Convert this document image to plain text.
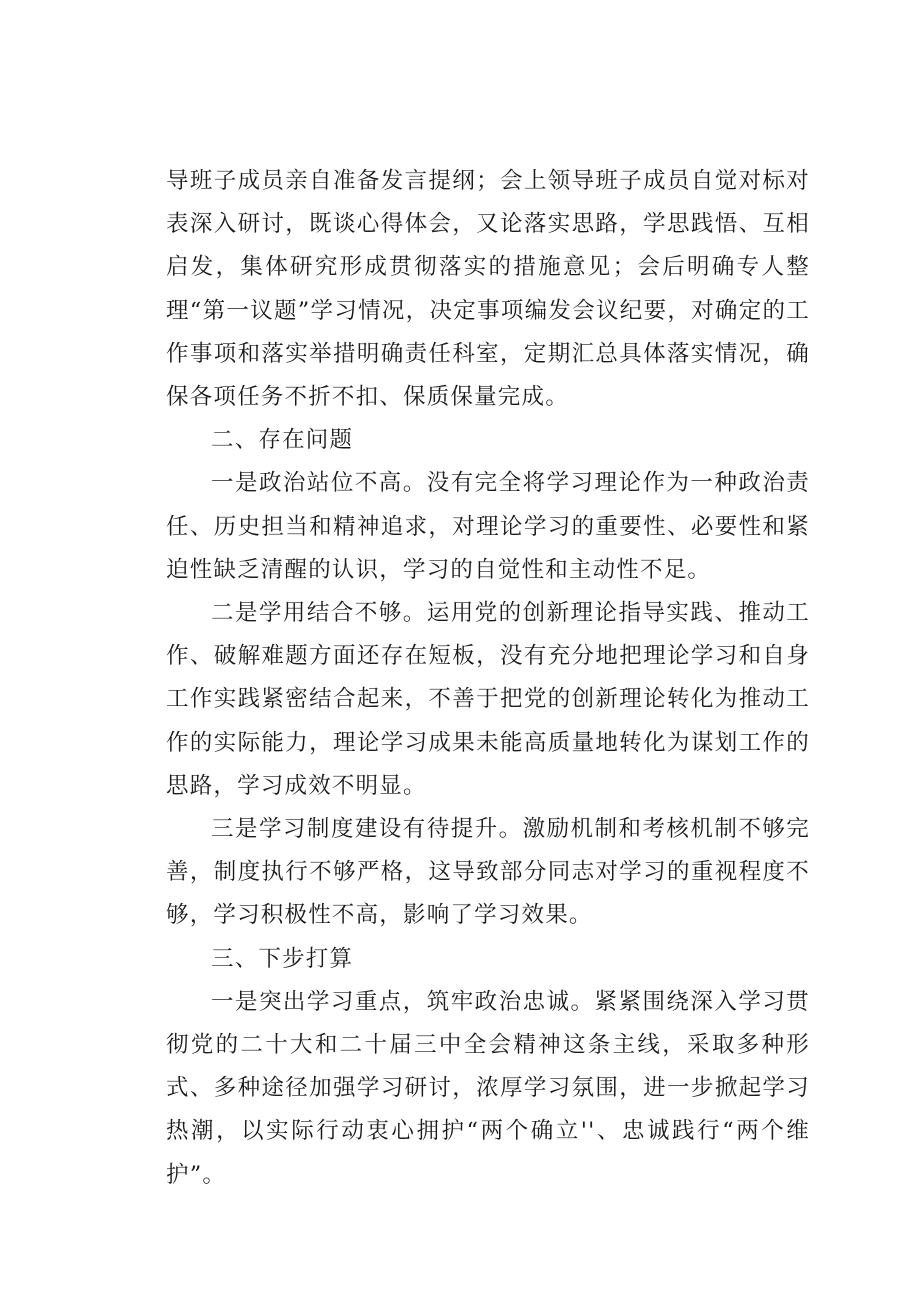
导班子成员亲自准备发言提纲；会上领导班子成员自觉对标对表深入研讨，既谈心得体会，又论落实思路，学思践悟、互相启发，集体研究形成贯彻落实的措施意见；会后明确专人整理“第一议题”学习情况，决定事项编发会议纪要，对确定的工作事项和落实举措明确责任科室，定期汇总具体落实情况，确保各项任务不折不扣、保质保量完成。

二、存在问题

一是政治站位不高。没有完全将学习理论作为一种政治责任、历史担当和精神追求，对理论学习的重要性、必要性和紧迫性缺乏清醒的认识，学习的自觉性和主动性不足。

二是学用结合不够。运用党的创新理论指导实践、推动工作、破解难题方面还存在短板，没有充分地把理论学习和自身工作实践紧密结合起来，不善于把党的创新理论转化为推动工作的实际能力，理论学习成果未能高质量地转化为谋划工作的思路，学习成效不明显。

三是学习制度建设有待提升。激励机制和考核机制不够完善，制度执行不够严格，这导致部分同志对学习的重视程度不够，学习积极性不高，影响了学习效果。

三、下步打算

一是突出学习重点，筑牢政治忠诚。紧紧围绕深入学习贯彻党的二十大和二十届三中全会精神这条主线，采取多种形式、多种途径加强学习研讨，浓厚学习氛围，进一步掀起学习热潮，以实际行动衷心拥护“两个确立''、忠诚践行“两个维护”。
